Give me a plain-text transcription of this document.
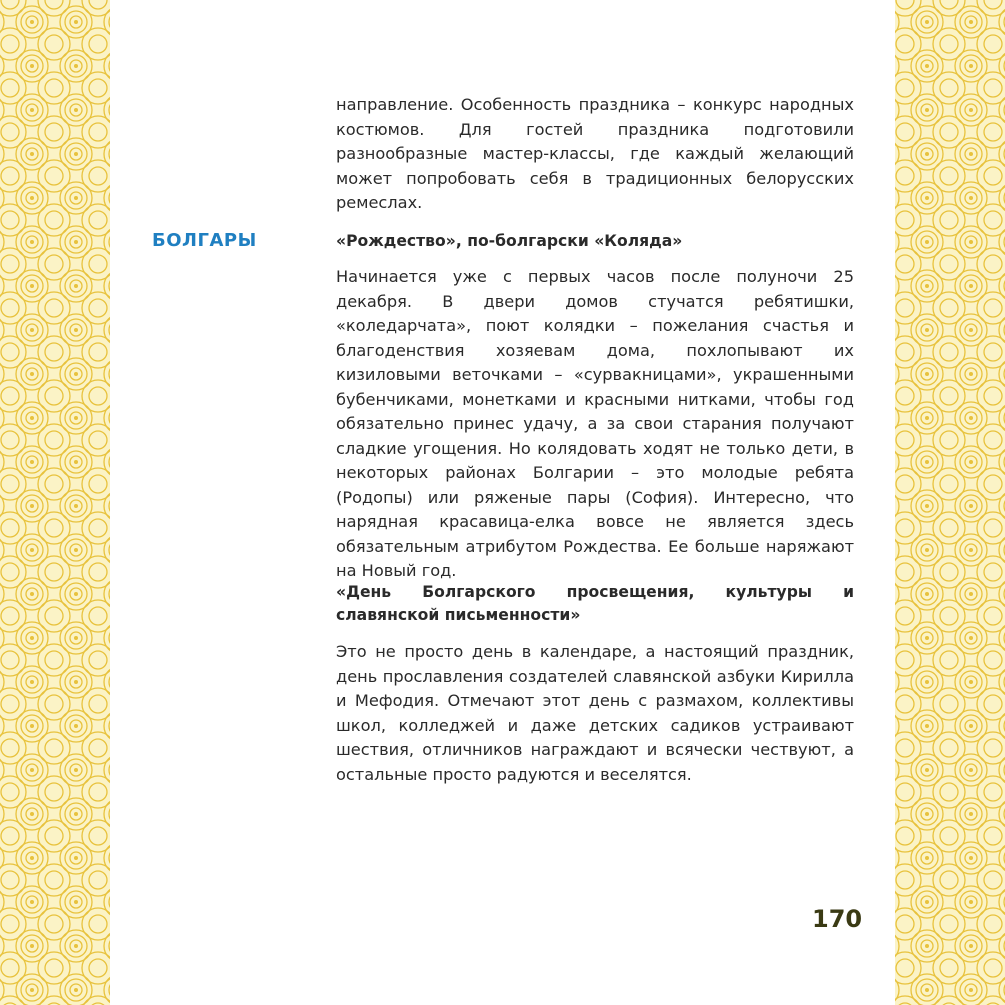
БОЛГАРЫ

направление. Особенность праздника – конкурс народных костюмов. Для гостей праздника подготовили разнообразные мастер-классы, где каждый желающий может попробовать себя в традиционных белорусских ремеслах.

«Рождество», по-болгарски «Коляда»

Начинается уже с первых часов после полуночи 25 декабря. В двери домов стучатся ребятишки, «коледарчата», поют колядки – пожелания счастья и благоденствия хозяевам дома, похлопывают их кизиловыми веточками – «сурвакницами», украшенными бубенчиками, монетками и красными нитками, чтобы год обязательно принес удачу, а за свои старания получают сладкие угощения. Но колядовать ходят не только дети, в некоторых районах Болгарии – это молодые ребята (Родопы) или ряженые пары (София). Интересно, что нарядная красавица-елка вовсе не является здесь обязательным атрибутом Рождества. Ее больше наряжают на Новый год.

«День Болгарского просвещения, культуры и славянской письменности»

Это не просто день в календаре, а настоящий праздник, день прославления создателей славянской азбуки Кирилла и Мефодия. Отмечают этот день с размахом, коллективы школ, колледжей и даже детских садиков устраивают шествия, отличников награждают и всячески чествуют, а остальные просто радуются и веселятся.

170
